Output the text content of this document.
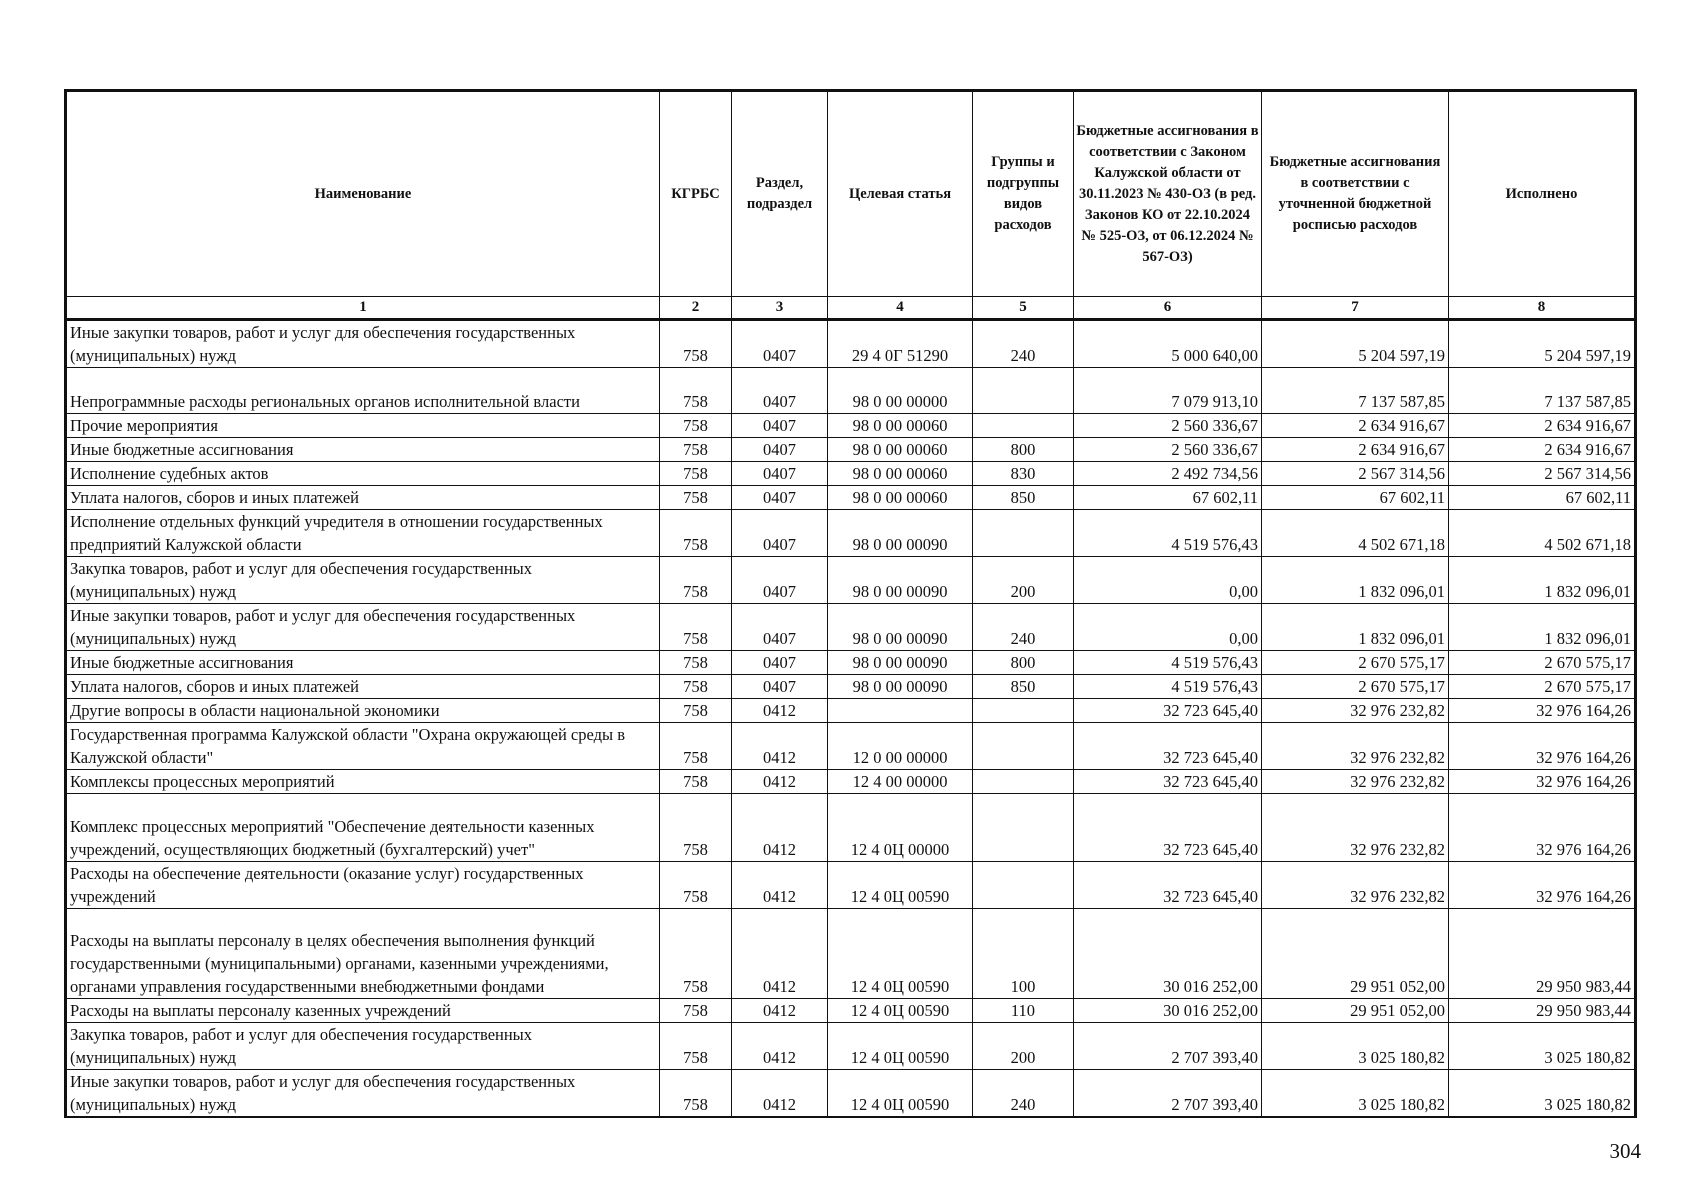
Наименование	КГРБС	Раздел, подраздел	Целевая статья	Группы и подгруппы видов расходов	Бюджетные ассигнования в соответствии с Законом Калужской области от 30.11.2023 № 430-ОЗ (в ред. Законов КО от 22.10.2024 № 525-ОЗ, от 06.12.2024 № 567-ОЗ)	Бюджетные ассигнования в соответствии с уточненной бюджетной росписью расходов	Исполнено
1	2	3	4	5	6	7	8
Иные закупки товаров, работ и услуг для обеспечения государственных (муниципальных) нужд	758	0407	29 4 0Г 51290	240	5 000 640,00	5 204 597,19	5 204 597,19
Непрограммные расходы региональных органов исполнительной власти	758	0407	98 0 00 00000		7 079 913,10	7 137 587,85	7 137 587,85
Прочие мероприятия	758	0407	98 0 00 00060		2 560 336,67	2 634 916,67	2 634 916,67
Иные бюджетные ассигнования	758	0407	98 0 00 00060	800	2 560 336,67	2 634 916,67	2 634 916,67
Исполнение судебных актов	758	0407	98 0 00 00060	830	2 492 734,56	2 567 314,56	2 567 314,56
Уплата налогов, сборов и иных платежей	758	0407	98 0 00 00060	850	67 602,11	67 602,11	67 602,11
Исполнение отдельных функций учредителя в отношении государственных предприятий Калужской области	758	0407	98 0 00 00090		4 519 576,43	4 502 671,18	4 502 671,18
Закупка товаров, работ и услуг для обеспечения государственных (муниципальных) нужд	758	0407	98 0 00 00090	200	0,00	1 832 096,01	1 832 096,01
Иные закупки товаров, работ и услуг для обеспечения государственных (муниципальных) нужд	758	0407	98 0 00 00090	240	0,00	1 832 096,01	1 832 096,01
Иные бюджетные ассигнования	758	0407	98 0 00 00090	800	4 519 576,43	2 670 575,17	2 670 575,17
Уплата налогов, сборов и иных платежей	758	0407	98 0 00 00090	850	4 519 576,43	2 670 575,17	2 670 575,17
Другие вопросы в области национальной экономики	758	0412			32 723 645,40	32 976 232,82	32 976 164,26
Государственная программа Калужской области "Охрана окружающей среды в Калужской области"	758	0412	12 0 00 00000		32 723 645,40	32 976 232,82	32 976 164,26
Комплексы процессных мероприятий	758	0412	12 4 00 00000		32 723 645,40	32 976 232,82	32 976 164,26
Комплекс процессных мероприятий "Обеспечение деятельности казенных учреждений, осуществляющих бюджетный (бухгалтерский) учет"	758	0412	12 4 0Ц 00000		32 723 645,40	32 976 232,82	32 976 164,26
Расходы на обеспечение деятельности (оказание услуг) государственных учреждений	758	0412	12 4 0Ц 00590		32 723 645,40	32 976 232,82	32 976 164,26
Расходы на выплаты персоналу в целях обеспечения выполнения функций государственными (муниципальными) органами, казенными учреждениями, органами управления государственными внебюджетными фондами	758	0412	12 4 0Ц 00590	100	30 016 252,00	29 951 052,00	29 950 983,44
Расходы на выплаты персоналу казенных учреждений	758	0412	12 4 0Ц 00590	110	30 016 252,00	29 951 052,00	29 950 983,44
Закупка товаров, работ и услуг для обеспечения государственных (муниципальных) нужд	758	0412	12 4 0Ц 00590	200	2 707 393,40	3 025 180,82	3 025 180,82
Иные закупки товаров, работ и услуг для обеспечения государственных (муниципальных) нужд	758	0412	12 4 0Ц 00590	240	2 707 393,40	3 025 180,82	3 025 180,82
304
